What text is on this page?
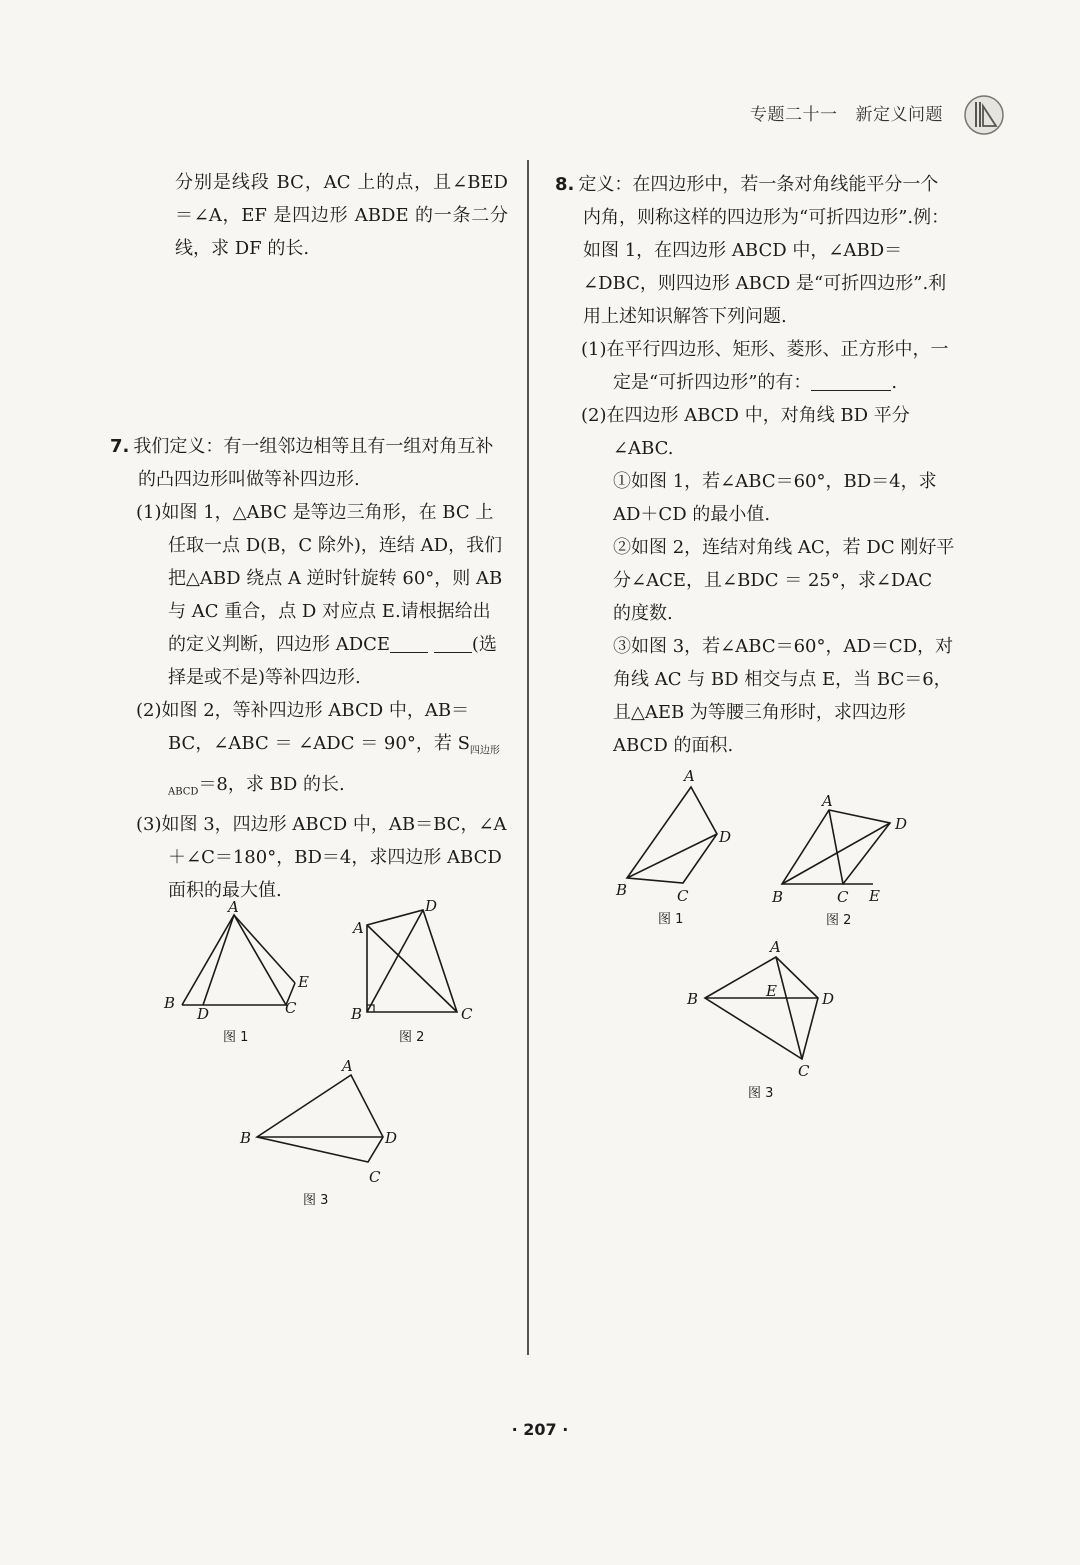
专题二十一 新定义问题

分别是线段 BC，AC 上的点，且∠BED＝∠A，EF 是四边形 ABDE 的一条二分线，求 DF 的长.

7. 我们定义：有一组邻边相等且有一组对角互补的凸四边形叫做等补四边形.

(1)如图 1，△ABC 是等边三角形，在 BC 上任取一点 D(B，C 除外)，连结 AD，我们把△ABD 绕点 A 逆时针旋转 60°，则 AB 与 AC 重合，点 D 对应点 E.请根据给出的定义判断，四边形 ADCE	(选择是或不是)等补四边形.

(2)如图 2，等补四边形 ABCD 中，AB＝BC，∠ABC ＝ ∠ADC ＝ 90°，若 $S_{四边形ABCD}=8$，求 BD 的长.

(3)如图 3，四边形 ABCD 中，AB＝BC，∠A＋∠C＝180°，BD＝4，求四边形 ABCD 面积的最大值.

A
B
D	C
E
图 1
A
D
B	C
图 2
A
B	D
C
图 3

8. 定义：在四边形中，若一条对角线能平分一个内角，则称这样的四边形为“可折四边形”.例：如图 1，在四边形 ABCD 中，∠ABD＝∠DBC，则四边形 ABCD 是“可折四边形”.利用上述知识解答下列问题.

(1)在平行四边形、矩形、菱形、正方形中，一定是“可折四边形”的有：	.

(2)在四边形 ABCD 中，对角线 BD 平分∠ABC.

①如图 1，若∠ABC＝60°，BD＝4，求 AD＋CD 的最小值.

②如图 2，连结对角线 AC，若 DC 刚好平分∠ACE，且∠BDC ＝ 25°，求∠DAC 的度数.

③如图 3，若∠ABC＝60°，AD＝CD，对角线 AC 与 BD 相交与点 E，当 BC＝6，且△AEB 为等腰三角形时，求四边形 ABCD 的面积.

A
D
B	C
图 1
A
D
B	C E
图 2
A
B	E	D
C
图 3
· 207 ·
